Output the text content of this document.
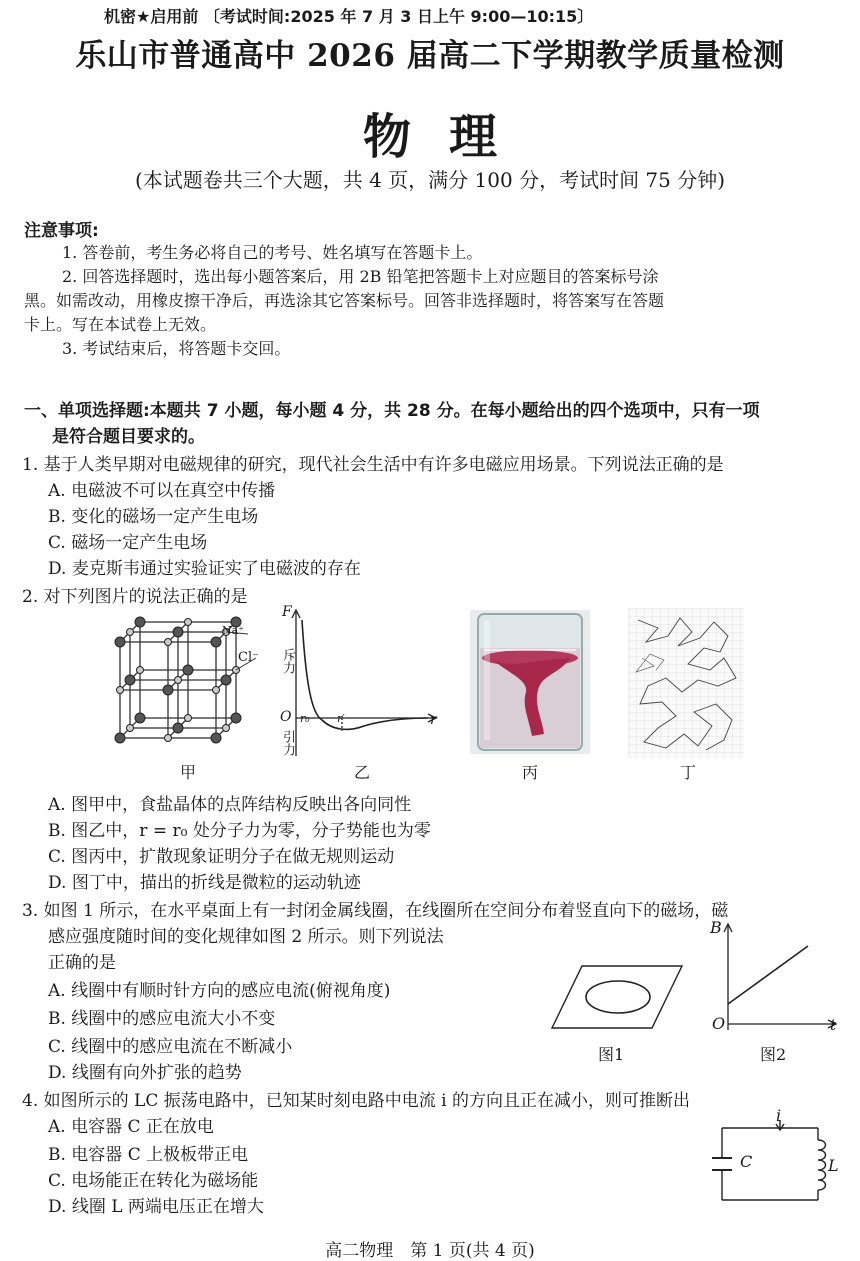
机密★启用前 〔考试时间:2025 年 7 月 3 日上午 9:00—10:15〕
乐山市普通高中 2026 届高二下学期教学质量检测
物理
(本试题卷共三个大题，共 4 页，满分 100 分，考试时间 75 分钟)
注意事项:
1. 答卷前，考生务必将自己的考号、姓名填写在答题卡上。
2. 回答选择题时，选出每小题答案后，用 2B 铅笔把答题卡上对应题目的答案标号涂
黑。如需改动，用橡皮擦干净后，再选涂其它答案标号。回答非选择题时，将答案写在答题
卡上。写在本试卷上无效。
3. 考试结束后，将答题卡交回。
一、单项选择题:本题共 7 小题，每小题 4 分，共 28 分。在每小题给出的四个选项中，只有一项
是符合题目要求的。
1. 基于人类早期对电磁规律的研究，现代社会生活中有许多电磁应用场景。下列说法正确的是
A. 电磁波不可以在真空中传播
B. 变化的磁场一定产生电场
C. 磁场一定产生电场
D. 麦克斯韦通过实验证实了电磁波的存在
2. 对下列图片的说法正确的是
Na⁺
Cl⁻
F
斥力
引力
O r₀ r′	r
甲	乙	丙	丁
A. 图甲中，食盐晶体的点阵结构反映出各向同性
B. 图乙中，r = r₀ 处分子力为零，分子势能也为零
C. 图丙中，扩散现象证明分子在做无规则运动
D. 图丁中，描出的折线是微粒的运动轨迹
3. 如图 1 所示，在水平桌面上有一封闭金属线圈，在线圈所在空间分布着竖直向下的磁场，磁
感应强度随时间的变化规律如图 2 所示。则下列说法
正确的是
A. 线圈中有顺时针方向的感应电流(俯视角度)
B. 线圈中的感应电流大小不变
C. 线圈中的感应电流在不断减小
D. 线圈有向外扩张的趋势
图1
B
O	t
图2
4. 如图所示的 LC 振荡电路中，已知某时刻电路中电流 i 的方向且正在减小，则可推断出
A. 电容器 C 正在放电
B. 电容器 C 上极板带正电
C. 电场能正在转化为磁场能
D. 线圈 L 两端电压正在增大
i
C	L
高二物理　第 1 页(共 4 页)
